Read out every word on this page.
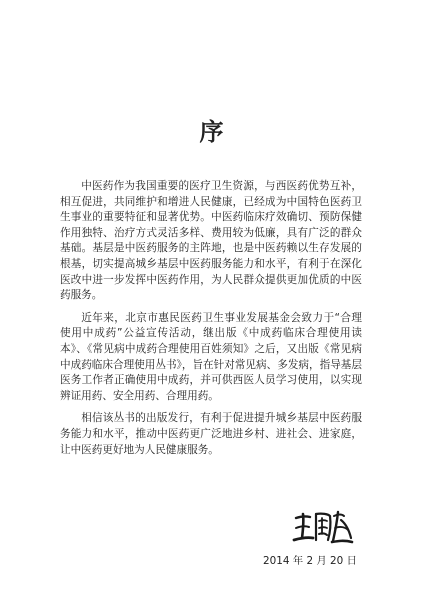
序

中医药作为我国重要的医疗卫生资源，与西医药优势互补，相互促进，共同维护和增进人民健康，已经成为中国特色医药卫生事业的重要特征和显著优势。中医药临床疗效确切、预防保健作用独特、治疗方式灵活多样、费用较为低廉，具有广泛的群众基础。基层是中医药服务的主阵地，也是中医药赖以生存发展的根基，切实提高城乡基层中医药服务能力和水平，有利于在深化医改中进一步发挥中医药作用，为人民群众提供更加优质的中医药服务。

近年来，北京市惠民医药卫生事业发展基金会致力于“合理使用中成药”公益宣传活动，继出版《中成药临床合理使用读本》、《常见病中成药合理使用百姓须知》之后，又出版《常见病中成药临床合理使用丛书》，旨在针对常见病、多发病，指导基层医务工作者正确使用中成药，并可供西医人员学习使用，以实现辨证用药、安全用药、合理用药。

相信该丛书的出版发行，有利于促进提升城乡基层中医药服务能力和水平，推动中医药更广泛地进乡村、进社会、进家庭，让中医药更好地为人民健康服务。

2014 年 2 月 20 日
